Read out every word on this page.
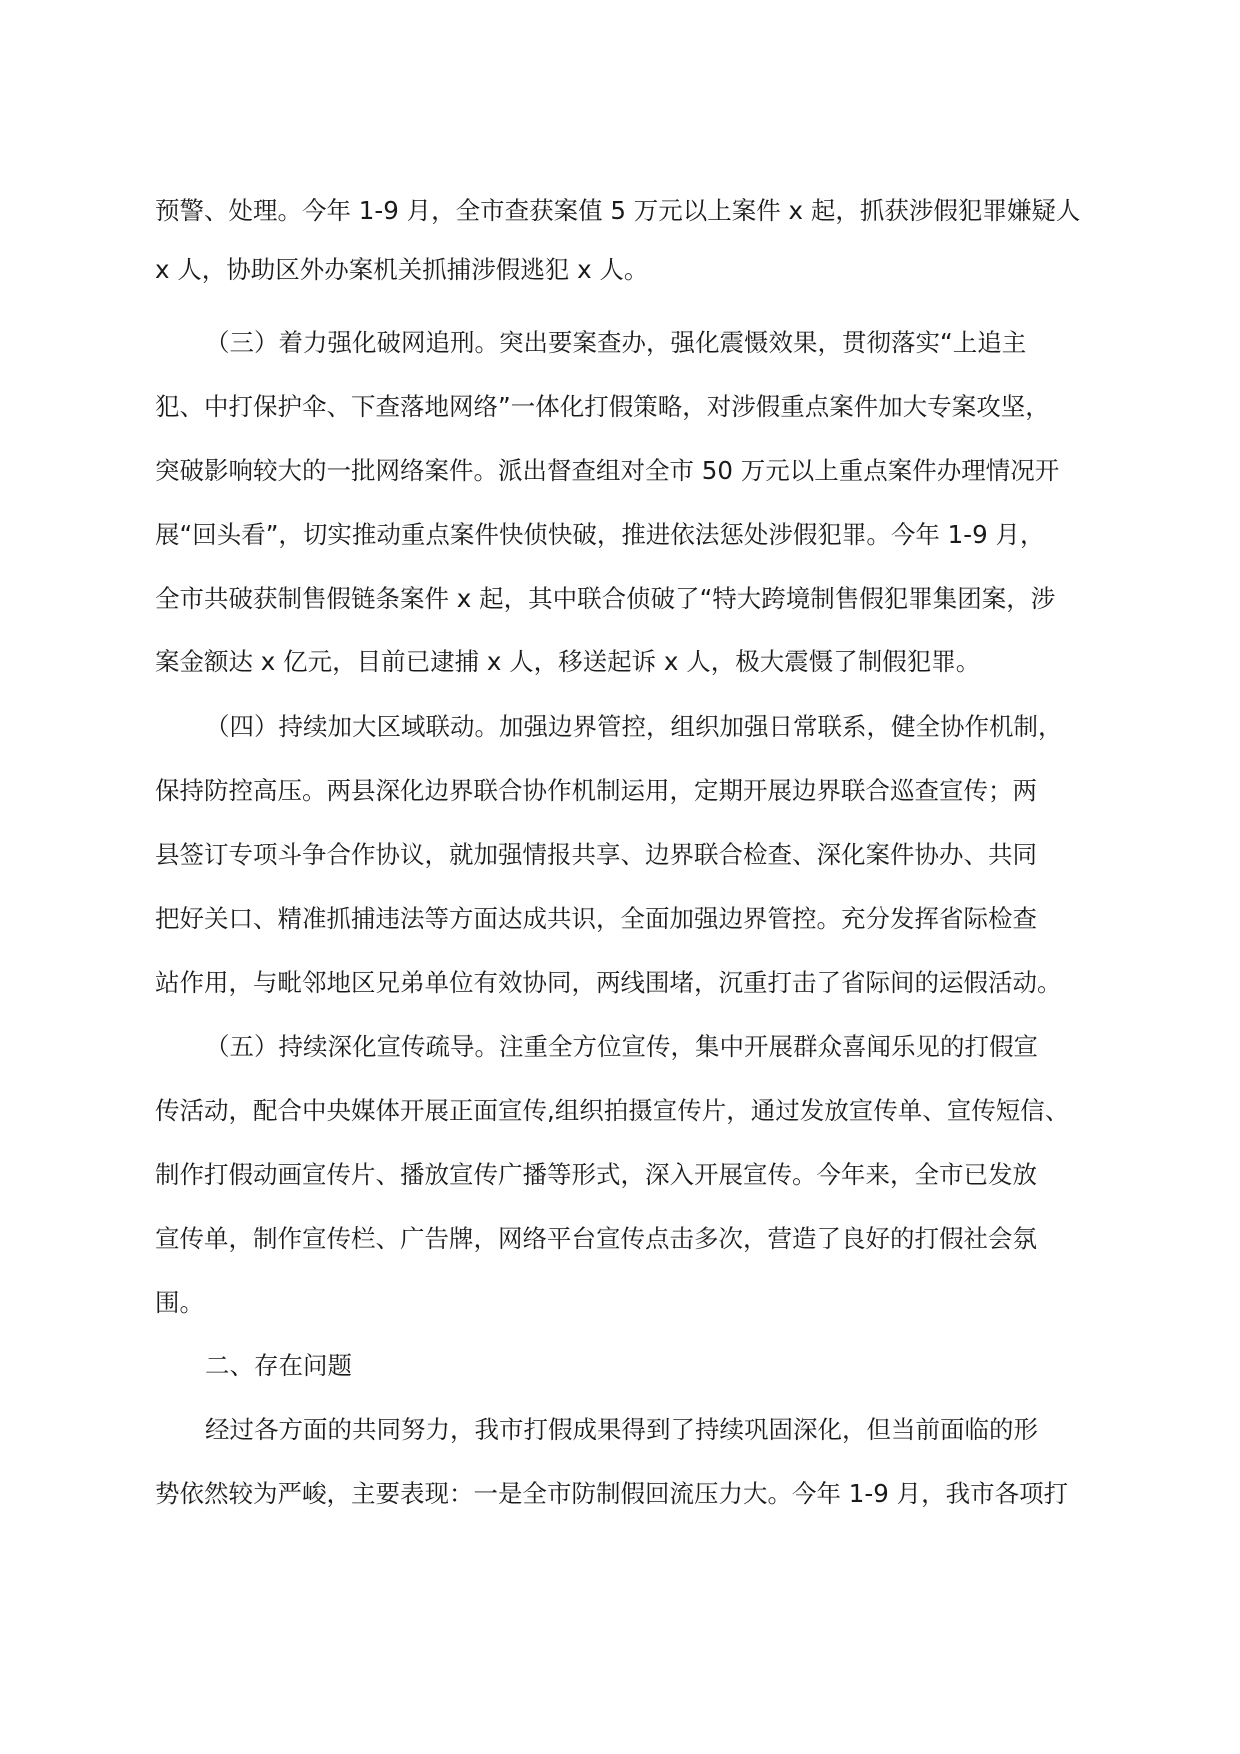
预警、处理。今年 1-9 月，全市查获案值 5 万元以上案件 x 起，抓获涉假犯罪嫌疑人
x 人，协助区外办案机关抓捕涉假逃犯 x 人。
（三）着力强化破网追刑。突出要案查办，强化震慑效果，贯彻落实“上追主
犯、中打保护伞、下查落地网络”一体化打假策略，对涉假重点案件加大专案攻坚，
突破影响较大的一批网络案件。派出督查组对全市 50 万元以上重点案件办理情况开
展“回头看”，切实推动重点案件快侦快破，推进依法惩处涉假犯罪。今年 1-9 月，
全市共破获制售假链条案件 x 起，其中联合侦破了“特大跨境制售假犯罪集团案，涉
案金额达 x 亿元，目前已逮捕 x 人，移送起诉 x 人，极大震慑了制假犯罪。
（四）持续加大区域联动。加强边界管控，组织加强日常联系，健全协作机制，
保持防控高压。两县深化边界联合协作机制运用，定期开展边界联合巡查宣传；两
县签订专项斗争合作协议，就加强情报共享、边界联合检查、深化案件协办、共同
把好关口、精准抓捕违法等方面达成共识，全面加强边界管控。充分发挥省际检查
站作用，与毗邻地区兄弟单位有效协同，两线围堵，沉重打击了省际间的运假活动。
（五）持续深化宣传疏导。注重全方位宣传，集中开展群众喜闻乐见的打假宣
传活动，配合中央媒体开展正面宣传,组织拍摄宣传片，通过发放宣传单、宣传短信、
制作打假动画宣传片、播放宣传广播等形式，深入开展宣传。今年来，全市已发放
宣传单，制作宣传栏、广告牌，网络平台宣传点击多次，营造了良好的打假社会氛
围。
二、存在问题
经过各方面的共同努力，我市打假成果得到了持续巩固深化，但当前面临的形
势依然较为严峻，主要表现：一是全市防制假回流压力大。今年 1-9 月，我市各项打
